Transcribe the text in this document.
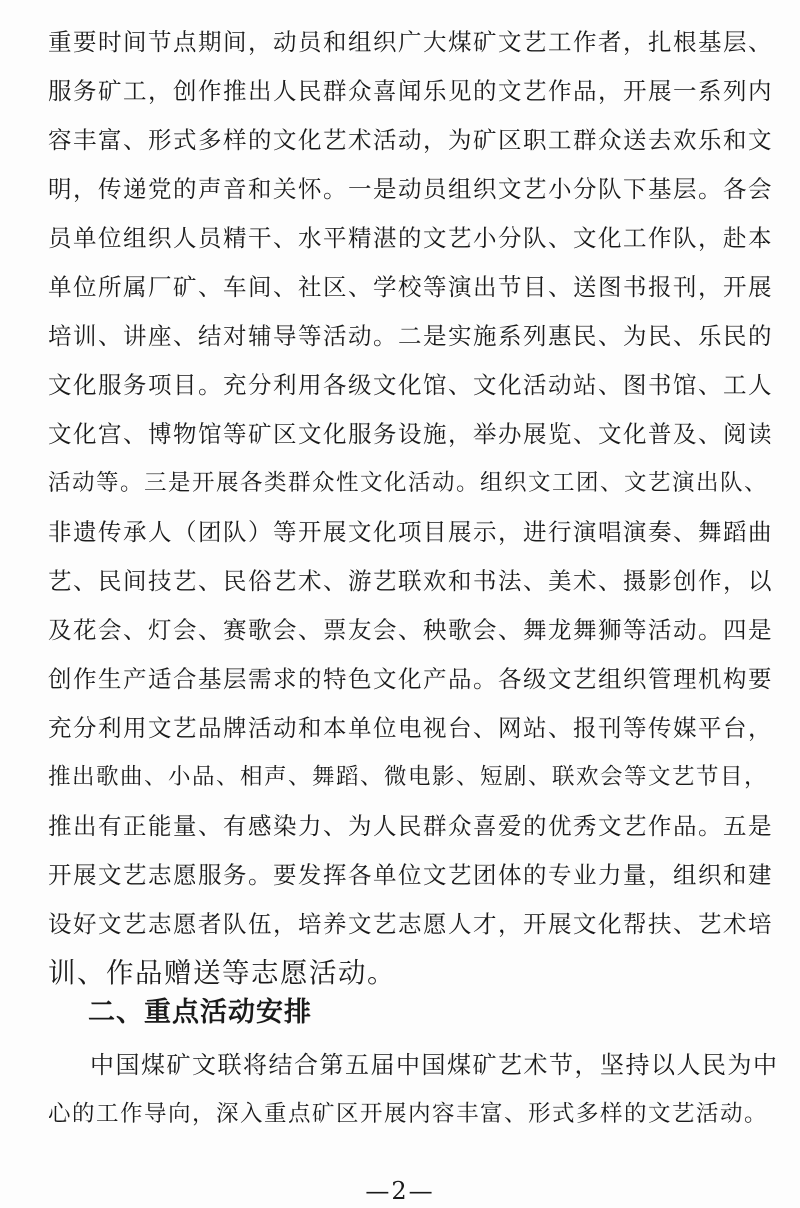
重要时间节点期间，动员和组织广大煤矿文艺工作者，扎根基层、
服务矿工，创作推出人民群众喜闻乐见的文艺作品，开展一系列内
容丰富、形式多样的文化艺术活动，为矿区职工群众送去欢乐和文
明，传递党的声音和关怀。一是动员组织文艺小分队下基层。各会
员单位组织人员精干、水平精湛的文艺小分队、文化工作队，赴本
单位所属厂矿、车间、社区、学校等演出节目、送图书报刊，开展
培训、讲座、结对辅导等活动。二是实施系列惠民、为民、乐民的
文化服务项目。充分利用各级文化馆、文化活动站、图书馆、工人
文化宫、博物馆等矿区文化服务设施，举办展览、文化普及、阅读
活动等。三是开展各类群众性文化活动。组织文工团、文艺演出队、
非遗传承人（团队）等开展文化项目展示，进行演唱演奏、舞蹈曲
艺、民间技艺、民俗艺术、游艺联欢和书法、美术、摄影创作，以
及花会、灯会、赛歌会、票友会、秧歌会、舞龙舞狮等活动。四是
创作生产适合基层需求的特色文化产品。各级文艺组织管理机构要
充分利用文艺品牌活动和本单位电视台、网站、报刊等传媒平台，
推出歌曲、小品、相声、舞蹈、微电影、短剧、联欢会等文艺节目，
推出有正能量、有感染力、为人民群众喜爱的优秀文艺作品。五是
开展文艺志愿服务。要发挥各单位文艺团体的专业力量，组织和建
设好文艺志愿者队伍，培养文艺志愿人才，开展文化帮扶、艺术培
训、作品赠送等志愿活动。
二、重点活动安排
中国煤矿文联将结合第五届中国煤矿艺术节，坚持以人民为中
心的工作导向，深入重点矿区开展内容丰富、形式多样的文艺活动。
—2—
